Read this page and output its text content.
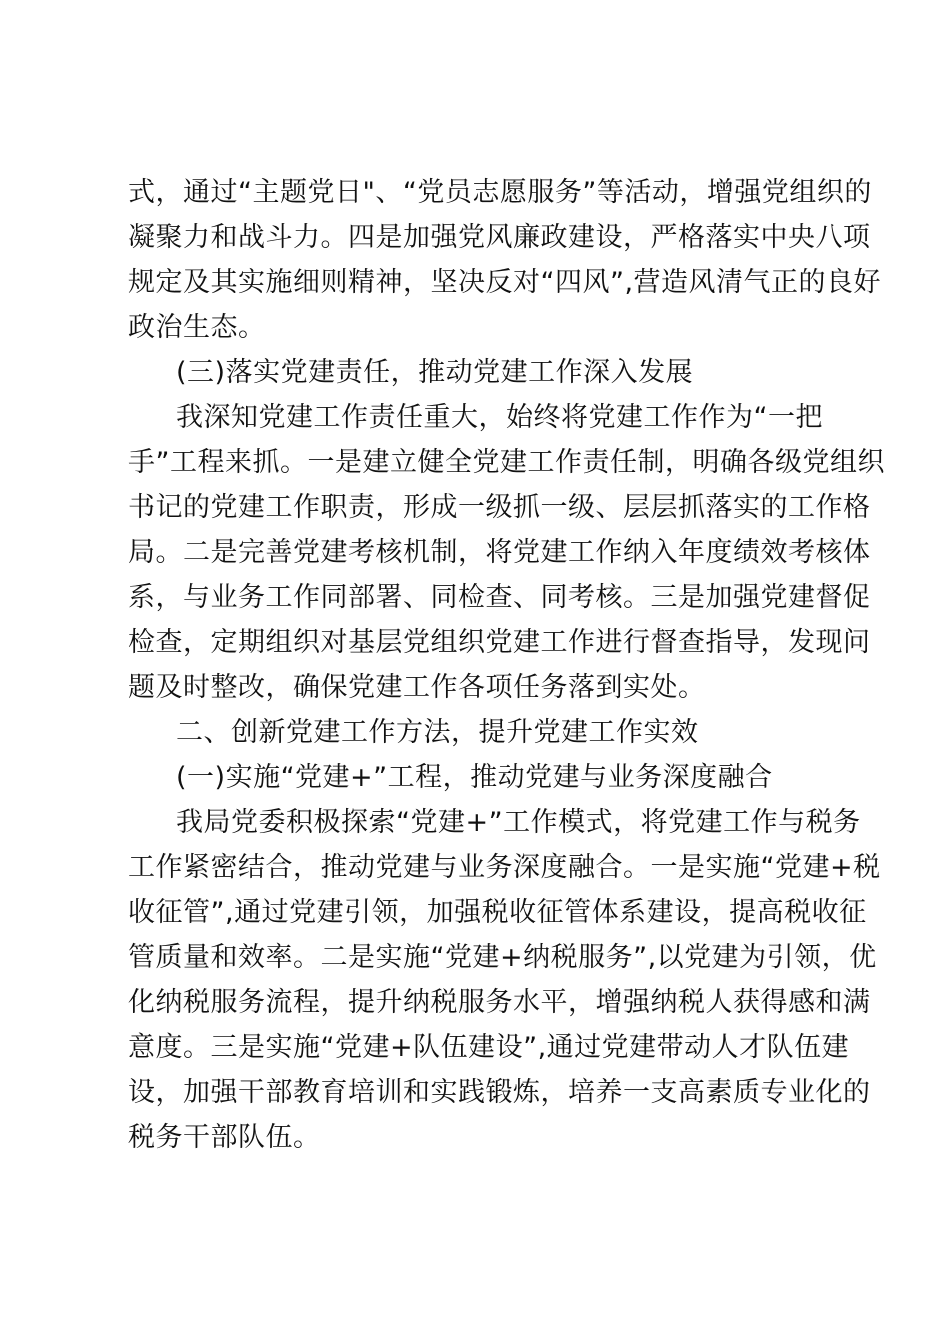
式，通过“主题党日"、“党员志愿服务”等活动，增强党组织的
凝聚力和战斗力。四是加强党风廉政建设，严格落实中央八项
规定及其实施细则精神，坚决反对“四风”,营造风清气正的良好
政治生态。
(三)落实党建责任，推动党建工作深入发展
我深知党建工作责任重大，始终将党建工作作为“一把
手”工程来抓。一是建立健全党建工作责任制，明确各级党组织
书记的党建工作职责，形成一级抓一级、层层抓落实的工作格
局。二是完善党建考核机制，将党建工作纳入年度绩效考核体
系，与业务工作同部署、同检查、同考核。三是加强党建督促
检查，定期组织对基层党组织党建工作进行督查指导，发现问
题及时整改，确保党建工作各项任务落到实处。
二、创新党建工作方法，提升党建工作实效
(一)实施“党建+”工程，推动党建与业务深度融合
我局党委积极探索“党建+”工作模式，将党建工作与税务
工作紧密结合，推动党建与业务深度融合。一是实施“党建+税
收征管”,通过党建引领，加强税收征管体系建设，提高税收征
管质量和效率。二是实施“党建+纳税服务”,以党建为引领，优
化纳税服务流程，提升纳税服务水平，增强纳税人获得感和满
意度。三是实施“党建+队伍建设”,通过党建带动人才队伍建
设，加强干部教育培训和实践锻炼，培养一支高素质专业化的
税务干部队伍。
